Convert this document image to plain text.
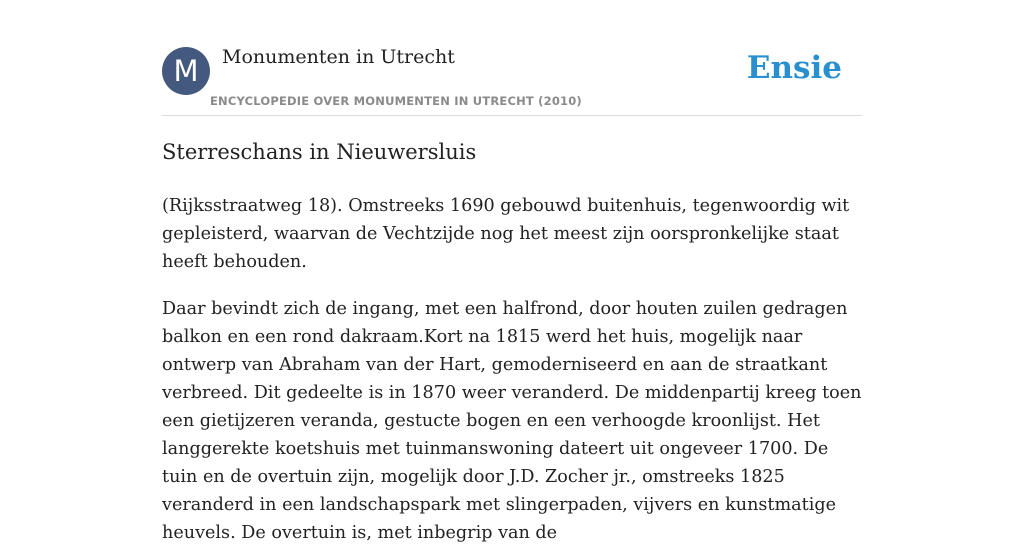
M	Monumenten in Utrecht
ENCYCLOPEDIE OVER MONUMENTEN IN UTRECHT (2010)
Ensie
Sterreschans in Nieuwersluis

(Rijksstraatweg 18). Omstreeks 1690 gebouwd buitenhuis, tegenwoordig wit gepleisterd, waarvan de Vechtzijde nog het meest zijn oorspronkelijke staat heeft behouden.

Daar bevindt zich de ingang, met een halfrond, door houten zuilen gedragen balkon en een rond dakraam.Kort na 1815 werd het huis, mogelijk naar ontwerp van Abraham van der Hart, gemoderniseerd en aan de straatkant verbreed. Dit gedeelte is in 1870 weer veranderd. De middenpartij kreeg toen een gietijzeren veranda, gestucte bogen en een verhoogde kroonlijst. Het langgerekte koetshuis met tuinmanswoning dateert uit ongeveer 1700. De tuin en de overtuin zijn, mogelijk door J.D. Zocher jr., omstreeks 1825 veranderd in een landschapspark met slingerpaden, vijvers en kunstmatige heuvels. De overtuin is, met inbegrip van de
